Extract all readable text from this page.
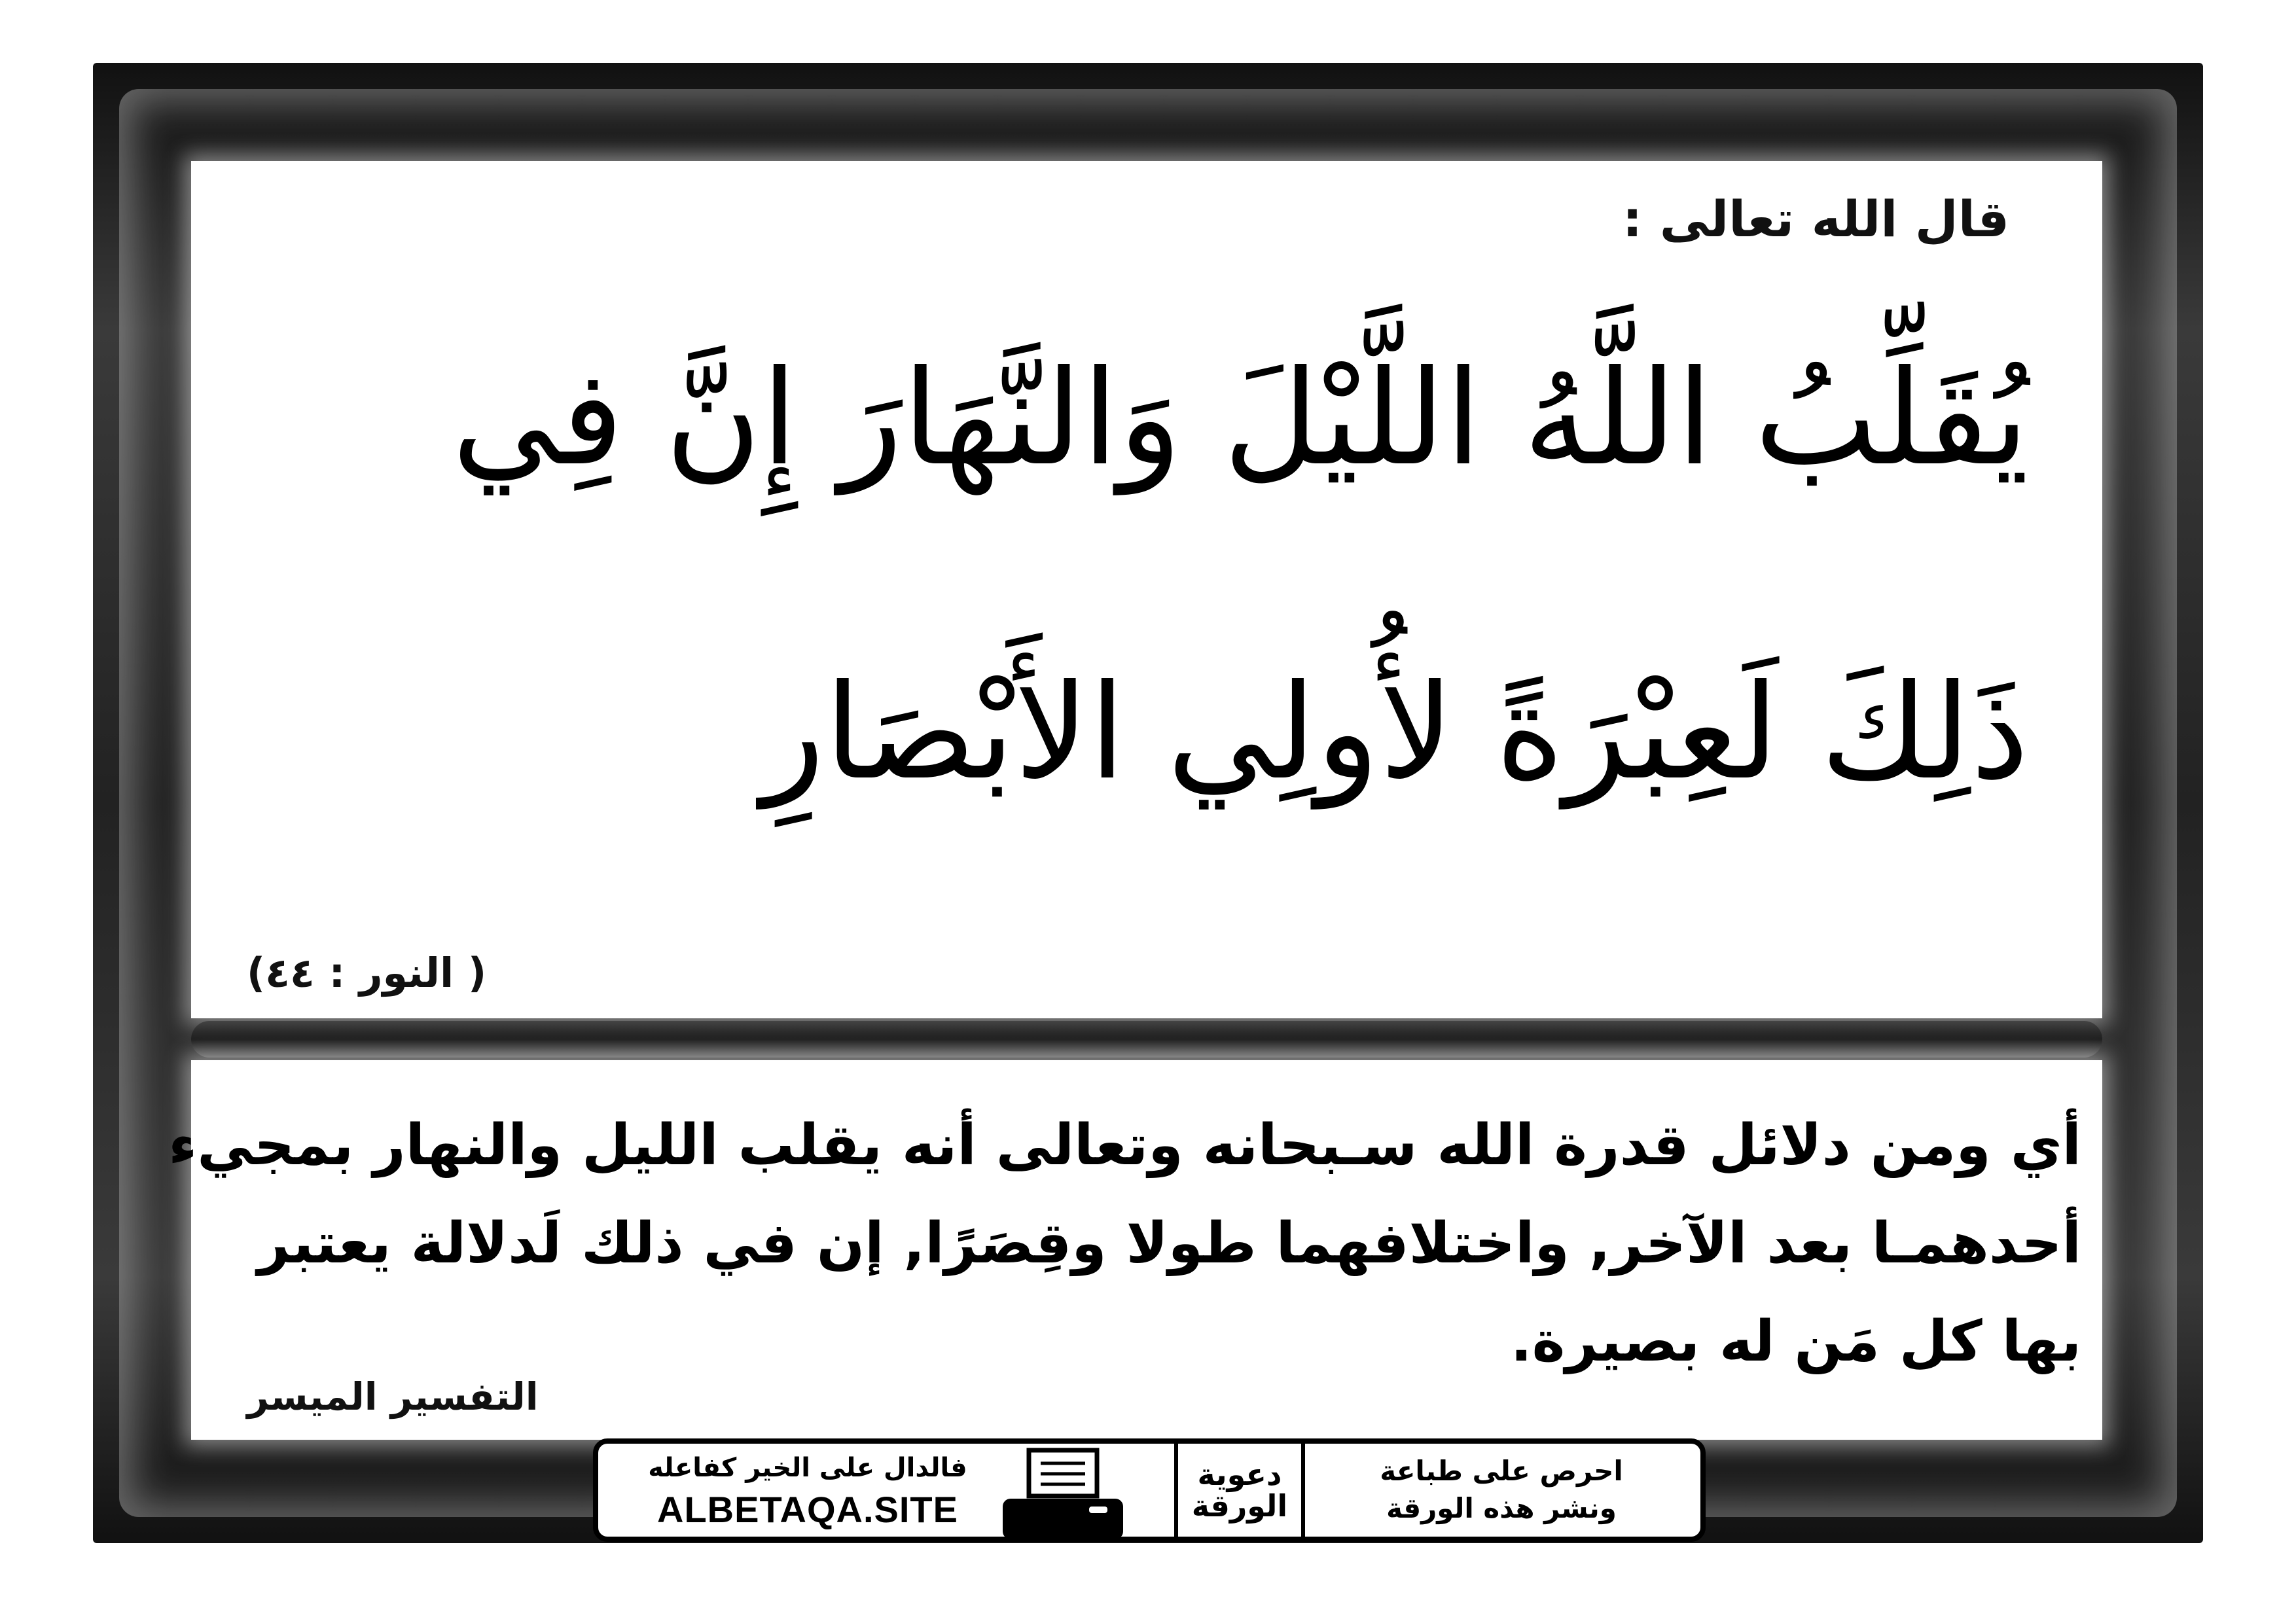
قال الله تعالى :
يُقَلِّبُ اللَّهُ اللَّيْلَ وَالنَّهَارَ إِنَّ فِي
ذَلِكَ لَعِبْرَةً لأُولِي الأَبْصَارِ
( النور : ٤٤)
أي ومن دلائل قدرة الله سـبحانه وتعالى أنه يقلب الليل والنهار بمجيء
أحدهمـا بعد الآخر, واختلافهما طولا وقِصَرًا, إن في ذلك لَدلالة يعتبر
بها كل مَن له بصيرة.
التفسير الميسر
فالدال على الخير كفاعله
ALBETAQA.SITE
دعوية
الورقة
احرص على طباعة
ونشر هذه الورقة
